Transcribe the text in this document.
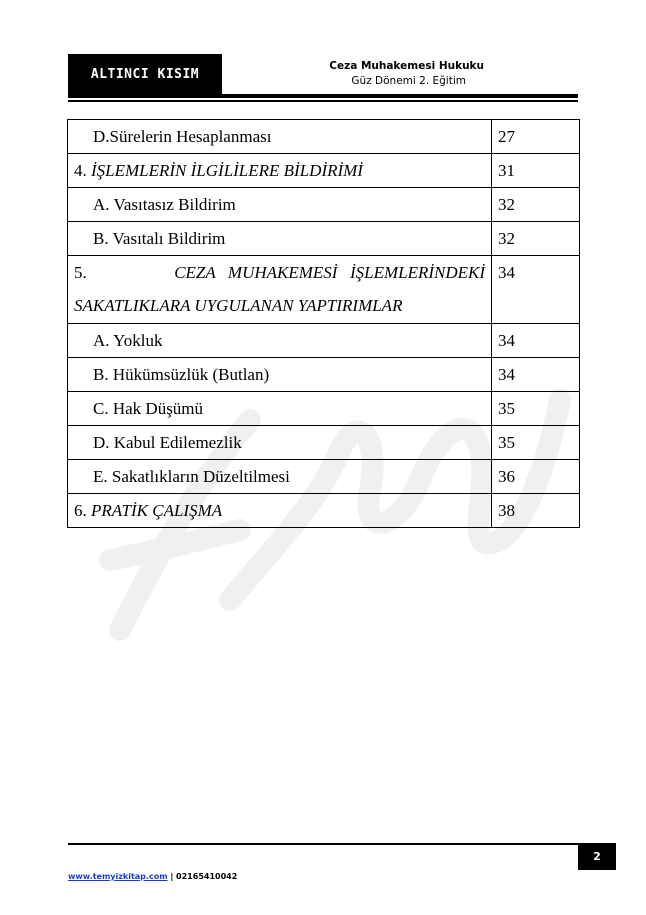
ALTINCI KISIM
Ceza Muhakemesi Hukuku
Güz Dönemi 2. Eğitim
D.Sürelerin Hesaplanması	27
4. İŞLEMLERİN İLGİLİLERE BİLDİRİMİ	31
A. Vasıtasız Bildirim	32
B. Vasıtalı Bildirim	32
5. CEZA MUHAKEMESİ İŞLEMLERİNDEKİ SAKATLIKLARA UYGULANAN YAPTIRIMLAR	34
A. Yokluk	34
B. Hükümsüzlük (Butlan)	34
C. Hak Düşümü	35
D. Kabul Edilemezlik	35
E. Sakatlıkların Düzeltilmesi	36
6. PRATİK ÇALIŞMA	38
2
www.temyizkitap.com | 02165410042
